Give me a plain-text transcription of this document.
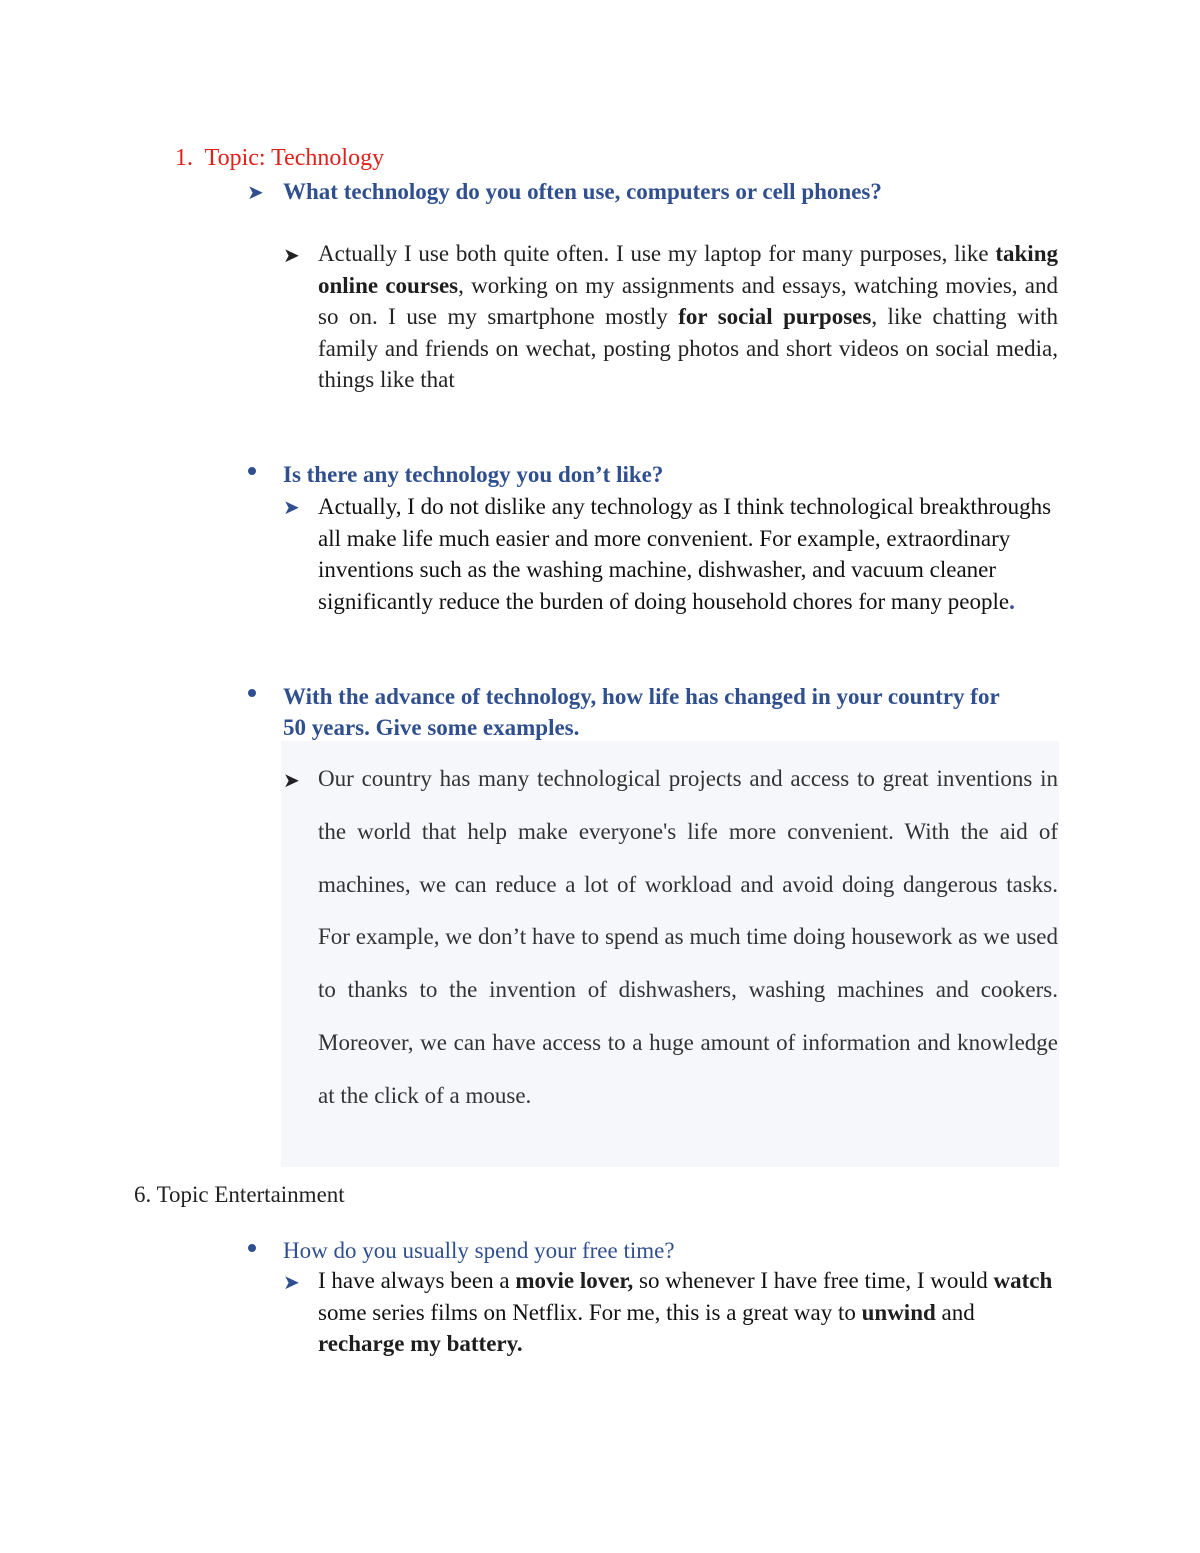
1. Topic: Technology
➤ What technology do you often use, computers or cell phones?
➤ Actually I use both quite often. I use my laptop for many purposes, like taking online courses, working on my assignments and essays, watching movies, and so on. I use my smartphone mostly for social purposes, like chatting with family and friends on wechat, posting photos and short videos on social media, things like that
Is there any technology you don’t like?
➤ Actually, I do not dislike any technology as I think technological breakthroughs all make life much easier and more convenient. For example, extraordinary inventions such as the washing machine, dishwasher, and vacuum cleaner significantly reduce the burden of doing household chores for many people.
With the advance of technology, how life has changed in your country for 50 years. Give some examples.
➤ Our country has many technological projects and access to great inventions in the world that help make everyone's life more convenient. With the aid of machines, we can reduce a lot of workload and avoid doing dangerous tasks. For example, we don’t have to spend as much time doing housework as we used to thanks to the invention of dishwashers, washing machines and cookers. Moreover, we can have access to a huge amount of information and knowledge at the click of a mouse.
6. Topic Entertainment
How do you usually spend your free time?
➤ I have always been a movie lover, so whenever I have free time, I would watch some series films on Netflix. For me, this is a great way to unwind and recharge my battery.
